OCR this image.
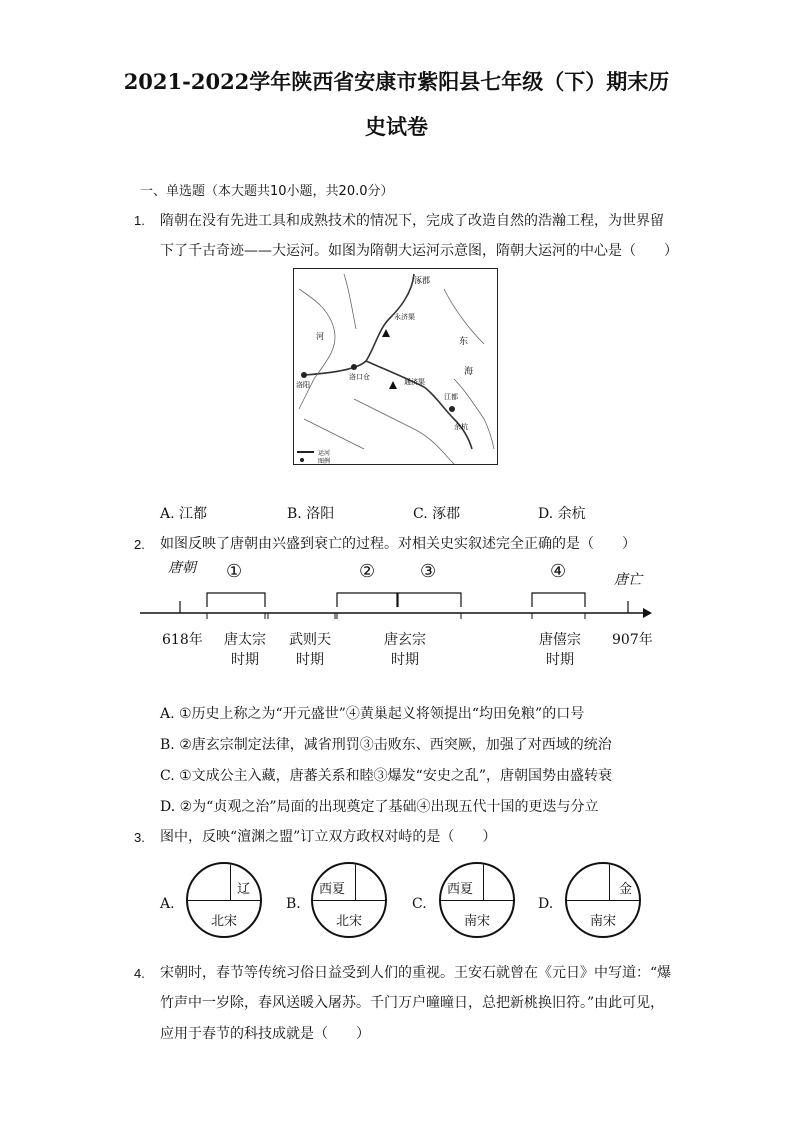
2021-2022学年陕西省安康市紫阳县七年级（下）期末历
史试卷
一、单选题（本大题共10小题，共20.0分）
1. 隋朝在没有先进工具和成熟技术的情况下，完成了改造自然的浩瀚工程，为世界留
下了千古奇迹——大运河。如图为隋朝大运河示意图，隋朝大运河的中心是（　　）
涿郡
永济渠
通济渠
洛口仓
洛阳
江都
余杭
东
海
河
运河
图例
A. 江都	B. 洛阳	C. 涿郡	D. 余杭
2. 如图反映了唐朝由兴盛到衰亡的过程。对相关史实叙述完全正确的是（　　）
唐朝
唐亡
①	② ③	④
618年	907年
唐太宗
时期
武则天
时期
唐玄宗
时期
唐僖宗
时期
A. ①历史上称之为“开元盛世”④黄巢起义将领提出“均田免粮”的口号
B. ②唐玄宗制定法律，减省刑罚③击败东、西突厥，加强了对西域的统治
C. ①文成公主入藏，唐蕃关系和睦③爆发“安史之乱”，唐朝国势由盛转衰
D. ②为“贞观之治”局面的出现奠定了基础④出现五代十国的更迭与分立
3. 图中，反映“澶渊之盟”订立双方政权对峙的是（　　）
A.
辽
北宋
B.
西夏
北宋
C.
西夏
南宋
D.
金
南宋
4. 宋朝时，春节等传统习俗日益受到人们的重视。王安石就曾在《元日》中写道：“爆
竹声中一岁除，春风送暖入屠苏。千门万户曈曈日，总把新桃换旧符。”由此可见，
应用于春节的科技成就是（　　）
